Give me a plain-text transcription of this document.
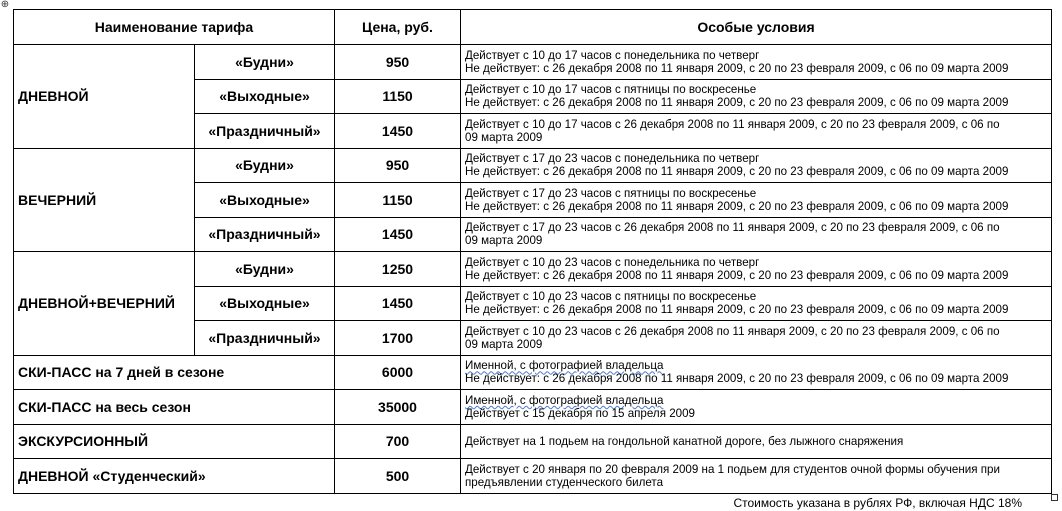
⊕
Наименование тарифа		Цена, руб.	Особые условия
ДНЕВНОЙ	«Будни»	950	Действует с 10 до 17 часов с понедельника по четверг
Не действует: с 26 декабря 2008 по 11 января 2009, с 20 по 23 февраля 2009, с 06 по 09 марта 2009

	«Выходные»	1150	Действует с 10 до 17 часов с пятницы по воскресенье
Не действует: с 26 декабря 2008 по 11 января 2009, с 20 по 23 февраля 2009, с 06 по 09 марта 2009

	«Праздничный»	1450	Действует с 10 до 17 часов с 26 декабря 2008 по 11 января 2009, с 20 по 23 февраля 2009, с 06 по
09 марта 2009

ВЕЧЕРНИЙ	«Будни»	950	Действует с 17 до 23 часов с понедельника по четверг
Не действует: с 26 декабря 2008 по 11 января 2009, с 20 по 23 февраля 2009, с 06 по 09 марта 2009

	«Выходные»	1150	Действует с 17 до 23 часов с пятницы по воскресенье
Не действует: с 26 декабря 2008 по 11 января 2009, с 20 по 23 февраля 2009, с 06 по 09 марта 2009

	«Праздничный»	1450	Действует с 17 до 23 часов с 26 декабря 2008 по 11 января 2009, с 20 по 23 февраля 2009, с 06 по
09 марта 2009

ДНЕВНОЙ+ВЕЧЕРНИЙ	«Будни»	1250	Действует с 10 до 23 часов с понедельника по четверг
Не действует: с 26 декабря 2008 по 11 января 2009, с 20 по 23 февраля 2009, с 06 по 09 марта 2009

	«Выходные»	1450	Действует с 10 до 23 часов с пятницы по воскресенье
Не действует: с 26 декабря 2008 по 11 января 2009, с 20 по 23 февраля 2009, с 06 по 09 марта 2009

	«Праздничный»	1700	Действует с 10 до 23 часов с 26 декабря 2008 по 11 января 2009, с 20 по 23 февраля 2009, с 06 по
09 марта 2009

СКИ-ПАСС на 7 дней в сезоне		6000	Именной, с фотографией владельца
Не действует: с 26 декабря 2008 по 11 января 2009, с 20 по 23 февраля 2009, с 06 по 09 марта 2009

СКИ-ПАСС на весь сезон		35000	Именной, с фотографией владельца
Действует с 15 декабря по 15 апреля 2009

ЭКСКУРСИОННЫЙ		700	Действует на 1 подьем на гондольной канатной дороге, без лыжного снаряжения

ДНЕВНОЙ «Студенческий»		500	Действует с 20 января по 20 февраля 2009 на 1 подьем для студентов очной формы обучения при
предъявлении студенческого билета
Стоимость указана в рублях РФ, включая НДС 18%
